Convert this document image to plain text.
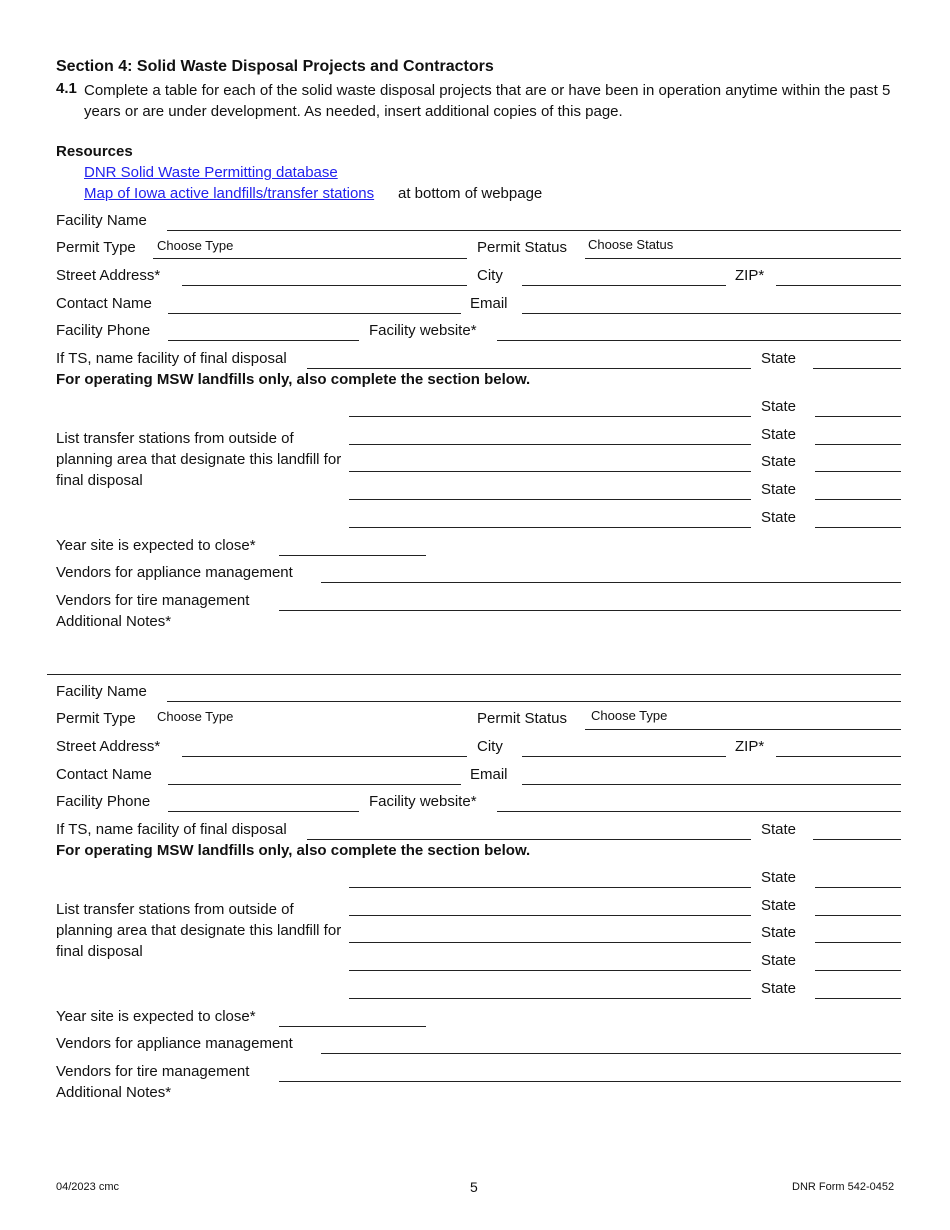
Section 4: Solid Waste Disposal Projects and Contractors
4.1 Complete a table for each of the solid waste disposal projects that are or have been in operation anytime within the past 5 years or are under development. As needed, insert additional copies of this page.
Resources
DNR Solid Waste Permitting database
Map of Iowa active landfills/transfer stations at bottom of webpage
Facility Name
Permit Type Choose Type	Permit Status Choose Status
Street Address*	City	ZIP*
Contact Name	Email
Facility Phone	Facility website*
If TS, name facility of final disposal	State
For operating MSW landfills only, also complete the section below.
List transfer stations from outside of planning area that designate this landfill for final disposal
State
State
State
State
State
Year site is expected to close*
Vendors for appliance management
Vendors for tire management
Additional Notes*
Facility Name
Permit Type Choose Type	Permit Status Choose Type
Street Address*	City	ZIP*
Contact Name	Email
Facility Phone	Facility website*
If TS, name facility of final disposal	State
For operating MSW landfills only, also complete the section below.
List transfer stations from outside of planning area that designate this landfill for final disposal
State
State
State
State
State
Year site is expected to close*
Vendors for appliance management
Vendors for tire management
Additional Notes*
04/2023 cmc	5	DNR Form 542-0452
